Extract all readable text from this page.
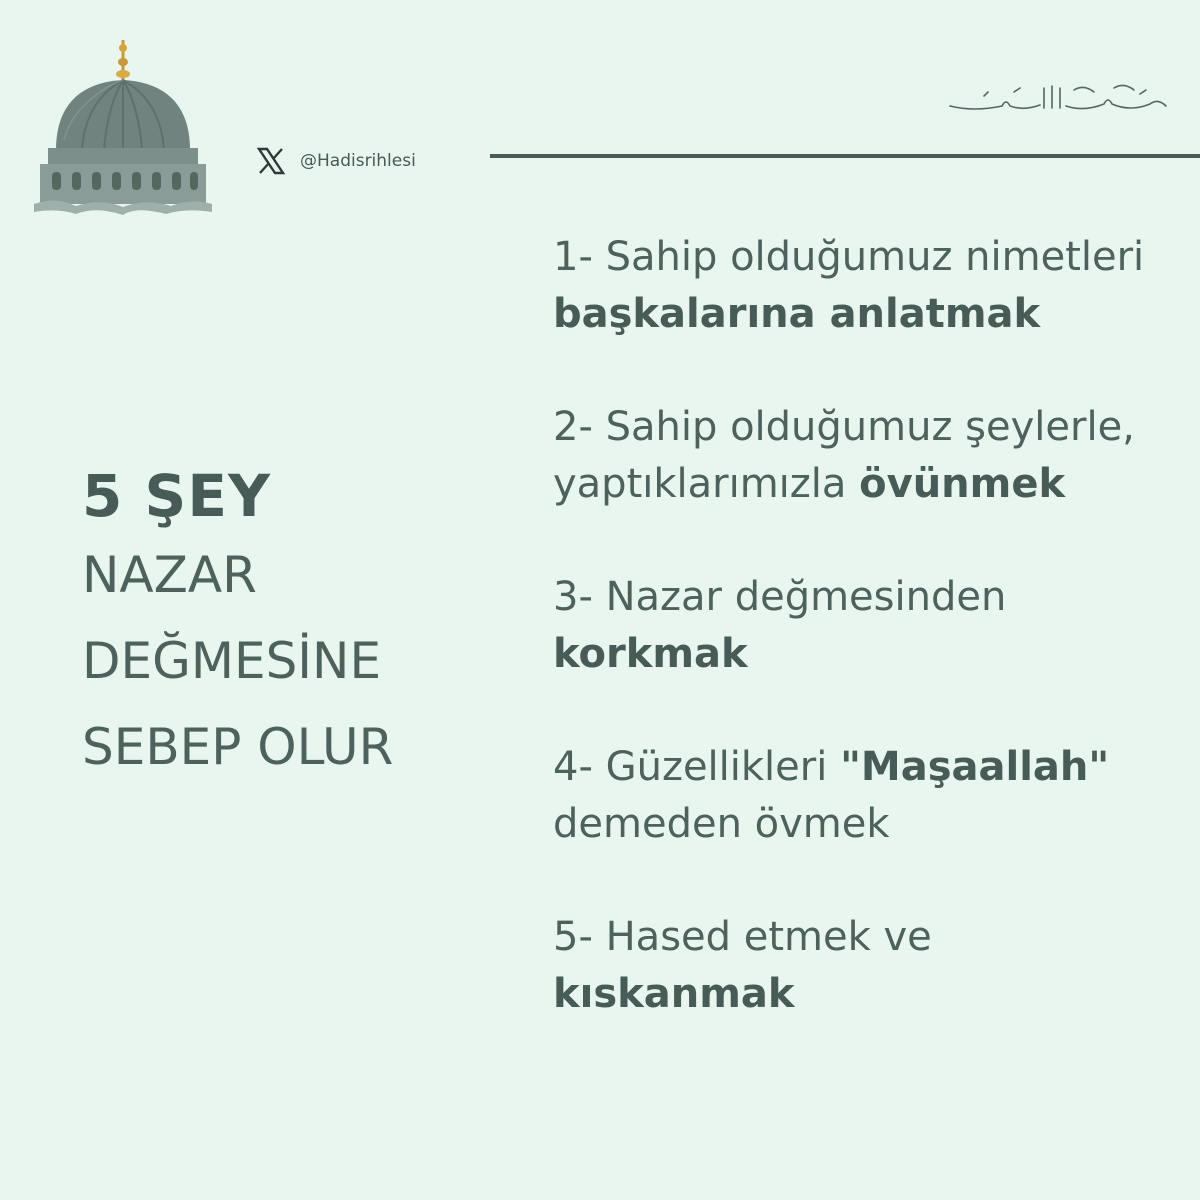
@Hadisrihlesi
5 ŞEY
NAZAR
DEĞMESİNE
SEBEP OLUR
1- Sahip olduğumuz nimetleri başkalarına anlatmak
2- Sahip olduğumuz şeylerle, yaptıklarımızla övünmek
3- Nazar değmesinden korkmak
4- Güzellikleri "Maşaallah" demeden övmek
5- Hased etmek ve kıskanmak
